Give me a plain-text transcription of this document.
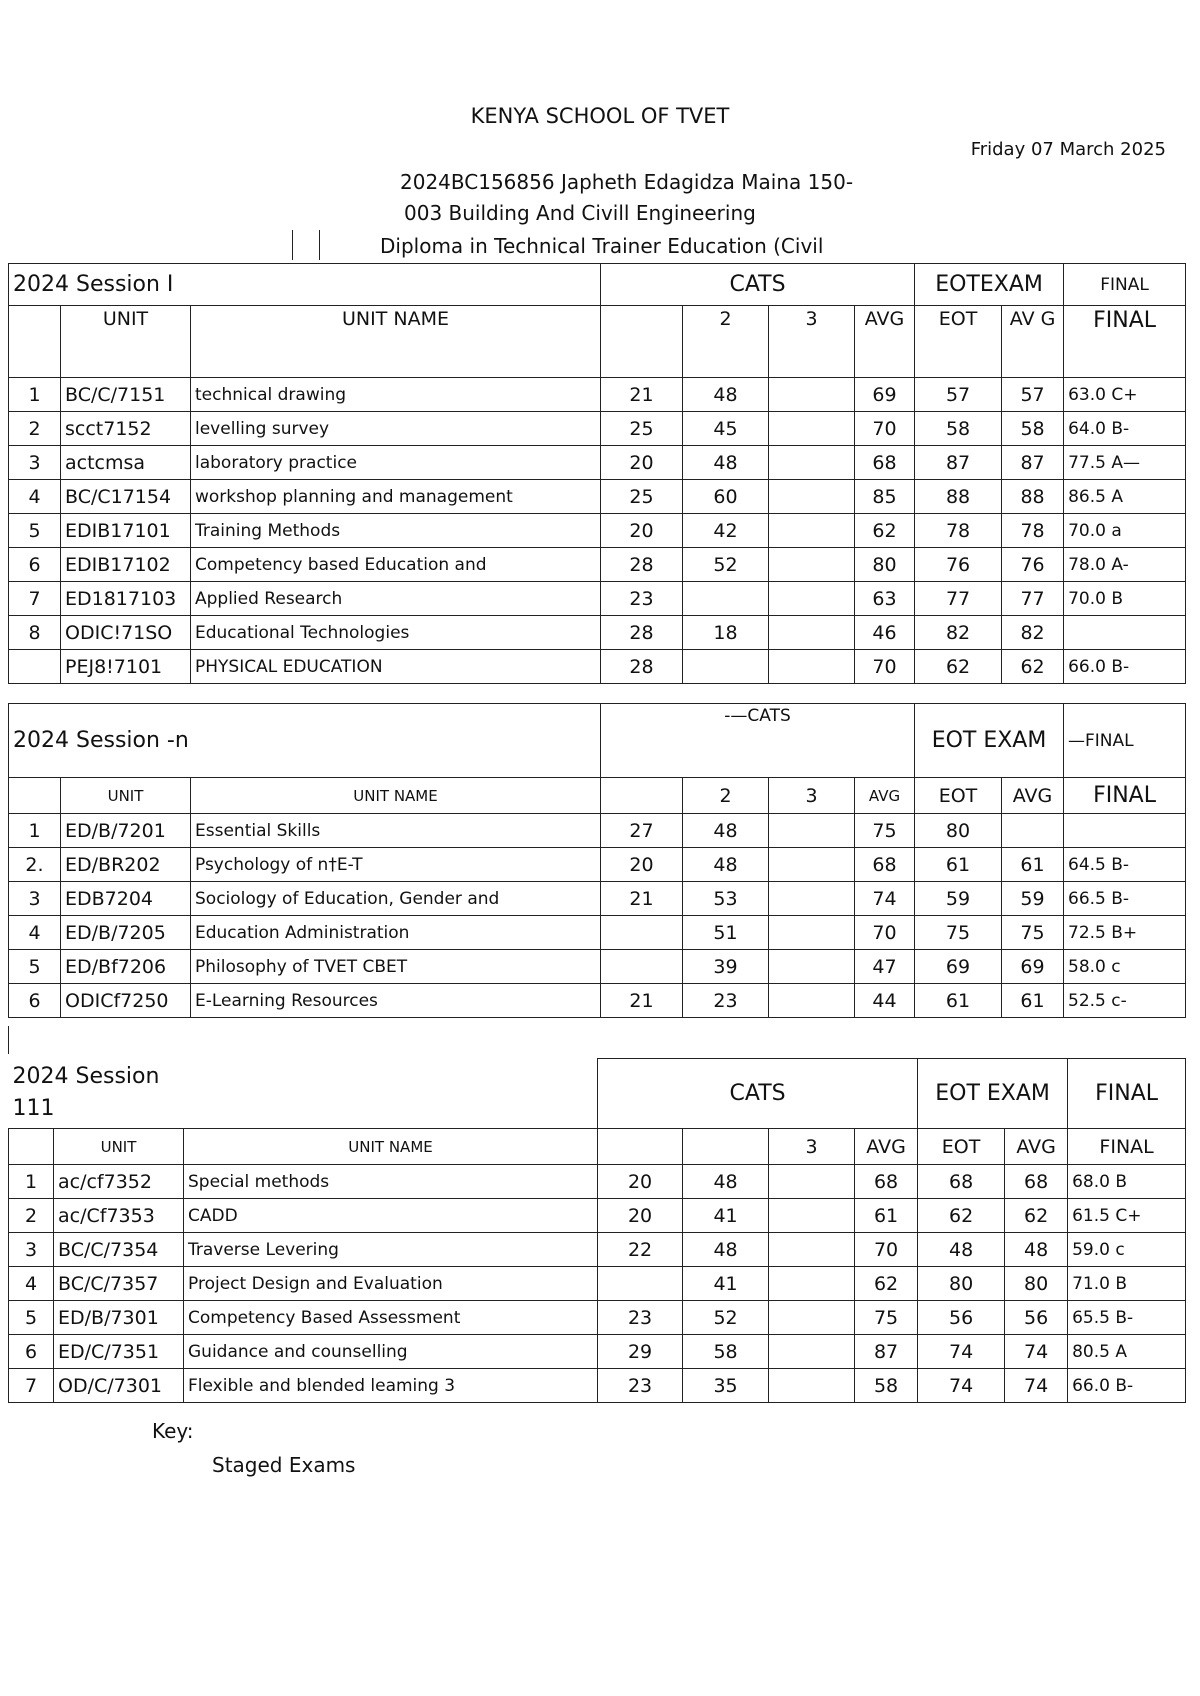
KENYA SCHOOL OF TVET
Friday 07 March 2025
2024BC156856 Japheth Edagidza Maina 150-
003 Building And Civill Engineering
Diploma in Technical Trainer Education (Civil
2024 Session I			CATS				EOTEXAM		FINAL
	UNIT	UNIT NAME		2	3	AVG	EOT	AV G	FINAL
1	BC/C/7151	technical drawing	21	48		69	57	57	63.0 C+
2	scct7152	levelling survey	25	45		70	58	58	64.0 B-
3	actcmsa	laboratory practice	20	48		68	87	87	77.5 A—
4	BC/C17154	workshop planning and management	25	60		85	88	88	86.5 A
5	EDIB17101	Training Methods	20	42		62	78	78	70.0 a
6	EDIB17102	Competency based Education and	28	52		80	76	76	78.0 A-
7	ED1817103	Applied Research	23			63	77	77	70.0 B
8	ODIC!71SO	Educational Technologies	28	18		46	82	82	
	PEJ8!7101	PHYSICAL EDUCATION	28			70	62	62	66.0 B-
2024 Session -n			-—CATS				EOT EXAM		—FINAL
	UNIT	UNIT NAME		2	3	AVG	EOT	AVG	FINAL
1	ED/B/7201	Essential Skills	27	48		75	80		
2.	ED/BR202	Psychology of n†E-T	20	48		68	61	61	64.5 B-
3	EDB7204	Sociology of Education, Gender and	21	53		74	59	59	66.5 B-
4	ED/B/7205	Education Administration		51		70	75	75	72.5 B+
5	ED/Bf7206	Philosophy of TVET CBET		39		47	69	69	58.0 c
6	ODICf7250	E-Learning Resources	21	23		44	61	61	52.5 c-
2024 Session
111			CATS				EOT EXAM		FINAL
	UNIT	UNIT NAME			3	AVG	EOT	AVG	FINAL
1	ac/cf7352	Special methods	20	48		68	68	68	68.0 B
2	ac/Cf7353	CADD	20	41		61	62	62	61.5 C+
3	BC/C/7354	Traverse Levering	22	48		70	48	48	59.0 c
4	BC/C/7357	Project Design and Evaluation		41		62	80	80	71.0 B
5	ED/B/7301	Competency Based Assessment	23	52		75	56	56	65.5 B-
6	ED/C/7351	Guidance and counselling	29	58		87	74	74	80.5 A
7	OD/C/7301	Flexible and blended leaming 3	23	35		58	74	74	66.0 B-
Key:
Staged Exams
